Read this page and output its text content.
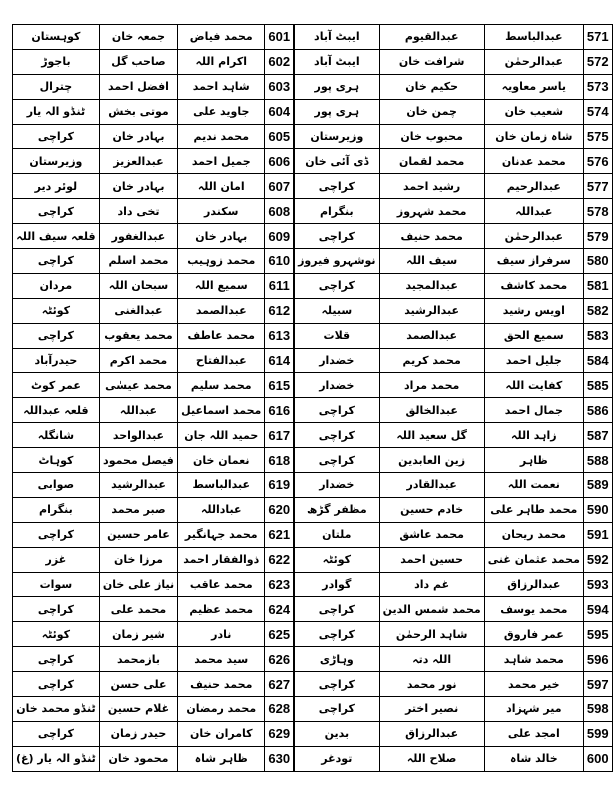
کوہستان	جمعہ خان	محمد فیاض	601
باجوڑ	صاحب گل	اکرام اللہ	602
چترال	افضل احمد	شاہد احمد	603
ٹنڈو الہ یار	موتی بخش	جاوید علی	604
کراچی	بہادر خان	محمد ندیم	605
وزیرستان	عبدالعزیز	جمیل احمد	606
لوئر دیر	بہادر خان	امان اللہ	607
کراچی	تخی داد	سکندر	608
قلعہ سیف اللہ	عبدالغفور	بہادر خان	609
کراچی	محمد اسلم	محمد زوہیب	610
مردان	سبحان اللہ	سمیع اللہ	611
کوئٹہ	عبدالغنی	عبدالصمد	612
کراچی	محمد یعقوب	محمد عاطف	613
حیدرآباد	محمد اکرم	عبدالفتاح	614
عمر کوٹ	محمد عیسٰی	محمد سلیم	615
قلعہ عبداللہ	عبداللہ	محمد اسماعیل	616
شانگلہ	عبدالواحد	حمید اللہ جان	617
کوہاٹ	فیصل محمود	نعمان خان	618
صوابی	عبدالرشید	عبدالباسط	619
بنگرام	صبر محمد	عباداللہ	620
کراچی	عامر حسین	محمد جہانگیر	621
غزر	مرزا خان	ذوالفقار احمد	622
سوات	نیاز علی خان	محمد عاقب	623
کراچی	محمد علی	محمد عظیم	624
کوئٹہ	شیر زمان	نادر	625
کراچی	بازمحمد	سید محمد	626
کراچی	علی حسن	محمد حنیف	627
ٹنڈو محمد خان	غلام حسین	محمد رمضان	628
کراچی	حیدر زمان	کامران خان	629
ٹنڈو الہ یار (غ)	محمود خان	ظاہر شاہ	630
ایبٹ آباد	عبدالقیوم	عبدالباسط	571
ایبٹ آباد	شرافت خان	عبدالرحمٰن	572
ہری پور	حکیم خان	یاسر معاویہ	573
ہری پور	چمن خان	شعیب خان	574
وزیرستان	محبوب خان	شاہ زمان خان	575
ڈی آئی خان	محمد لقمان	محمد عدنان	576
کراچی	رشید احمد	عبدالرحیم	577
بنگرام	محمد شہروز	عبداللہ	578
کراچی	محمد حنیف	عبدالرحمٰن	579
نوشہرو فیروز	سیف اللہ	سرفراز سیف	580
کراچی	عبدالمجید	محمد کاشف	581
سبیلہ	عبدالرشید	اویس رشید	582
قلات	عبدالصمد	سمیع الحق	583
خضدار	محمد کریم	جلیل احمد	584
خضدار	محمد مراد	کفایت اللہ	585
کراچی	عبدالخالق	جمال احمد	586
کراچی	گل سعید اللہ	زاہد اللہ	587
کراچی	زین العابدین	ظاہر	588
خضدار	عبدالقادر	نعمت اللہ	589
مظفر گڑھ	خادم حسین	محمد طاہر علی	590
ملتان	محمد عاشق	محمد ریحان	591
کوئٹہ	حسین احمد	محمد عثمان غنی	592
گوادر	غم داد	عبدالرزاق	593
کراچی	محمد شمس الدین	محمد یوسف	594
کراچی	شاہد الرحمٰن	عمر فاروق	595
وہاڑی	اللہ دتہ	محمد شاہد	596
کراچی	نور محمد	خیر محمد	597
کراچی	نصیر اختر	میر شہزاد	598
بدین	عبدالرزاق	امجد علی	599
تودغر	صلاح اللہ	خالد شاہ	600
